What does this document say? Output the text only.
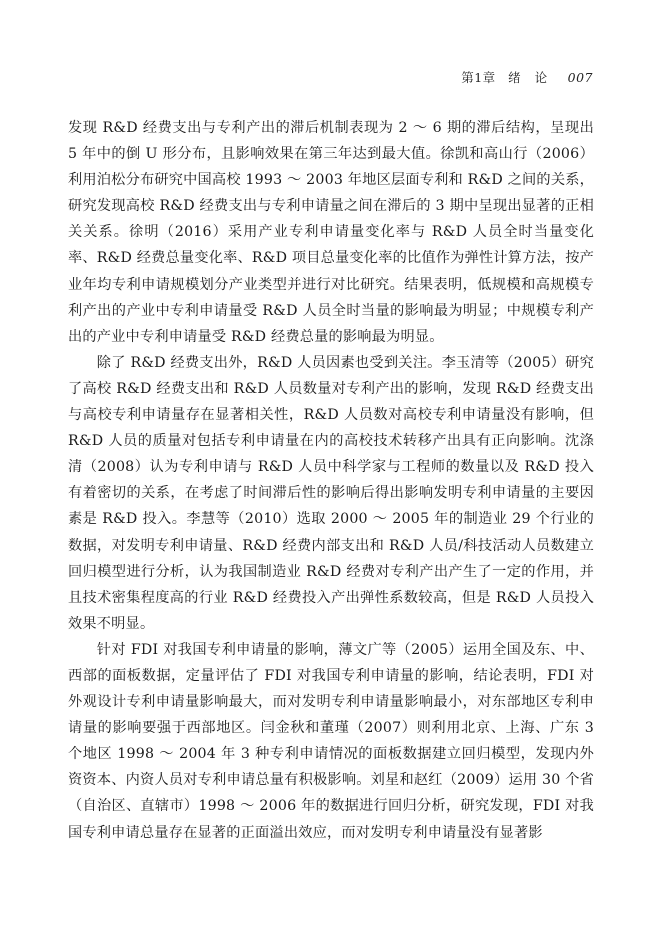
第1章 绪论 007

发现 R&D 经费支出与专利产出的滞后机制表现为 2 ～ 6 期的滞后结构，呈现出 5 年中的倒 U 形分布，且影响效果在第三年达到最大值。徐凯和高山行（2006）利用泊松分布研究中国高校 1993 ～ 2003 年地区层面专利和 R&D 之间的关系，研究发现高校 R&D 经费支出与专利申请量之间在滞后的 3 期中呈现出显著的正相关关系。徐明（2016）采用产业专利申请量变化率与 R&D 人员全时当量变化率、R&D 经费总量变化率、R&D 项目总量变化率的比值作为弹性计算方法，按产业年均专利申请规模划分产业类型并进行对比研究。结果表明，低规模和高规模专利产出的产业中专利申请量受 R&D 人员全时当量的影响最为明显；中规模专利产出的产业中专利申请量受 R&D 经费总量的影响最为明显。

除了 R&D 经费支出外，R&D 人员因素也受到关注。李玉清等（2005）研究了高校 R&D 经费支出和 R&D 人员数量对专利产出的影响，发现 R&D 经费支出与高校专利申请量存在显著相关性，R&D 人员数对高校专利申请量没有影响，但 R&D 人员的质量对包括专利申请量在内的高校技术转移产出具有正向影响。沈涤清（2008）认为专利申请与 R&D 人员中科学家与工程师的数量以及 R&D 投入有着密切的关系，在考虑了时间滞后性的影响后得出影响发明专利申请量的主要因素是 R&D 投入。李慧等（2010）选取 2000 ～ 2005 年的制造业 29 个行业的数据，对发明专利申请量、R&D 经费内部支出和 R&D 人员/科技活动人员数建立回归模型进行分析，认为我国制造业 R&D 经费对专利产出产生了一定的作用，并且技术密集程度高的行业 R&D 经费投入产出弹性系数较高，但是 R&D 人员投入效果不明显。

针对 FDI 对我国专利申请量的影响，薄文广等（2005）运用全国及东、中、西部的面板数据，定量评估了 FDI 对我国专利申请量的影响，结论表明，FDI 对外观设计专利申请量影响最大，而对发明专利申请量影响最小，对东部地区专利申请量的影响要强于西部地区。闫金秋和董瑾（2007）则利用北京、上海、广东 3 个地区 1998 ～ 2004 年 3 种专利申请情况的面板数据建立回归模型，发现内外资资本、内资人员对专利申请总量有积极影响。刘星和赵红（2009）运用 30 个省（自治区、直辖市）1998 ～ 2006 年的数据进行回归分析，研究发现，FDI 对我国专利申请总量存在显著的正面溢出效应，而对发明专利申请量没有显著影
